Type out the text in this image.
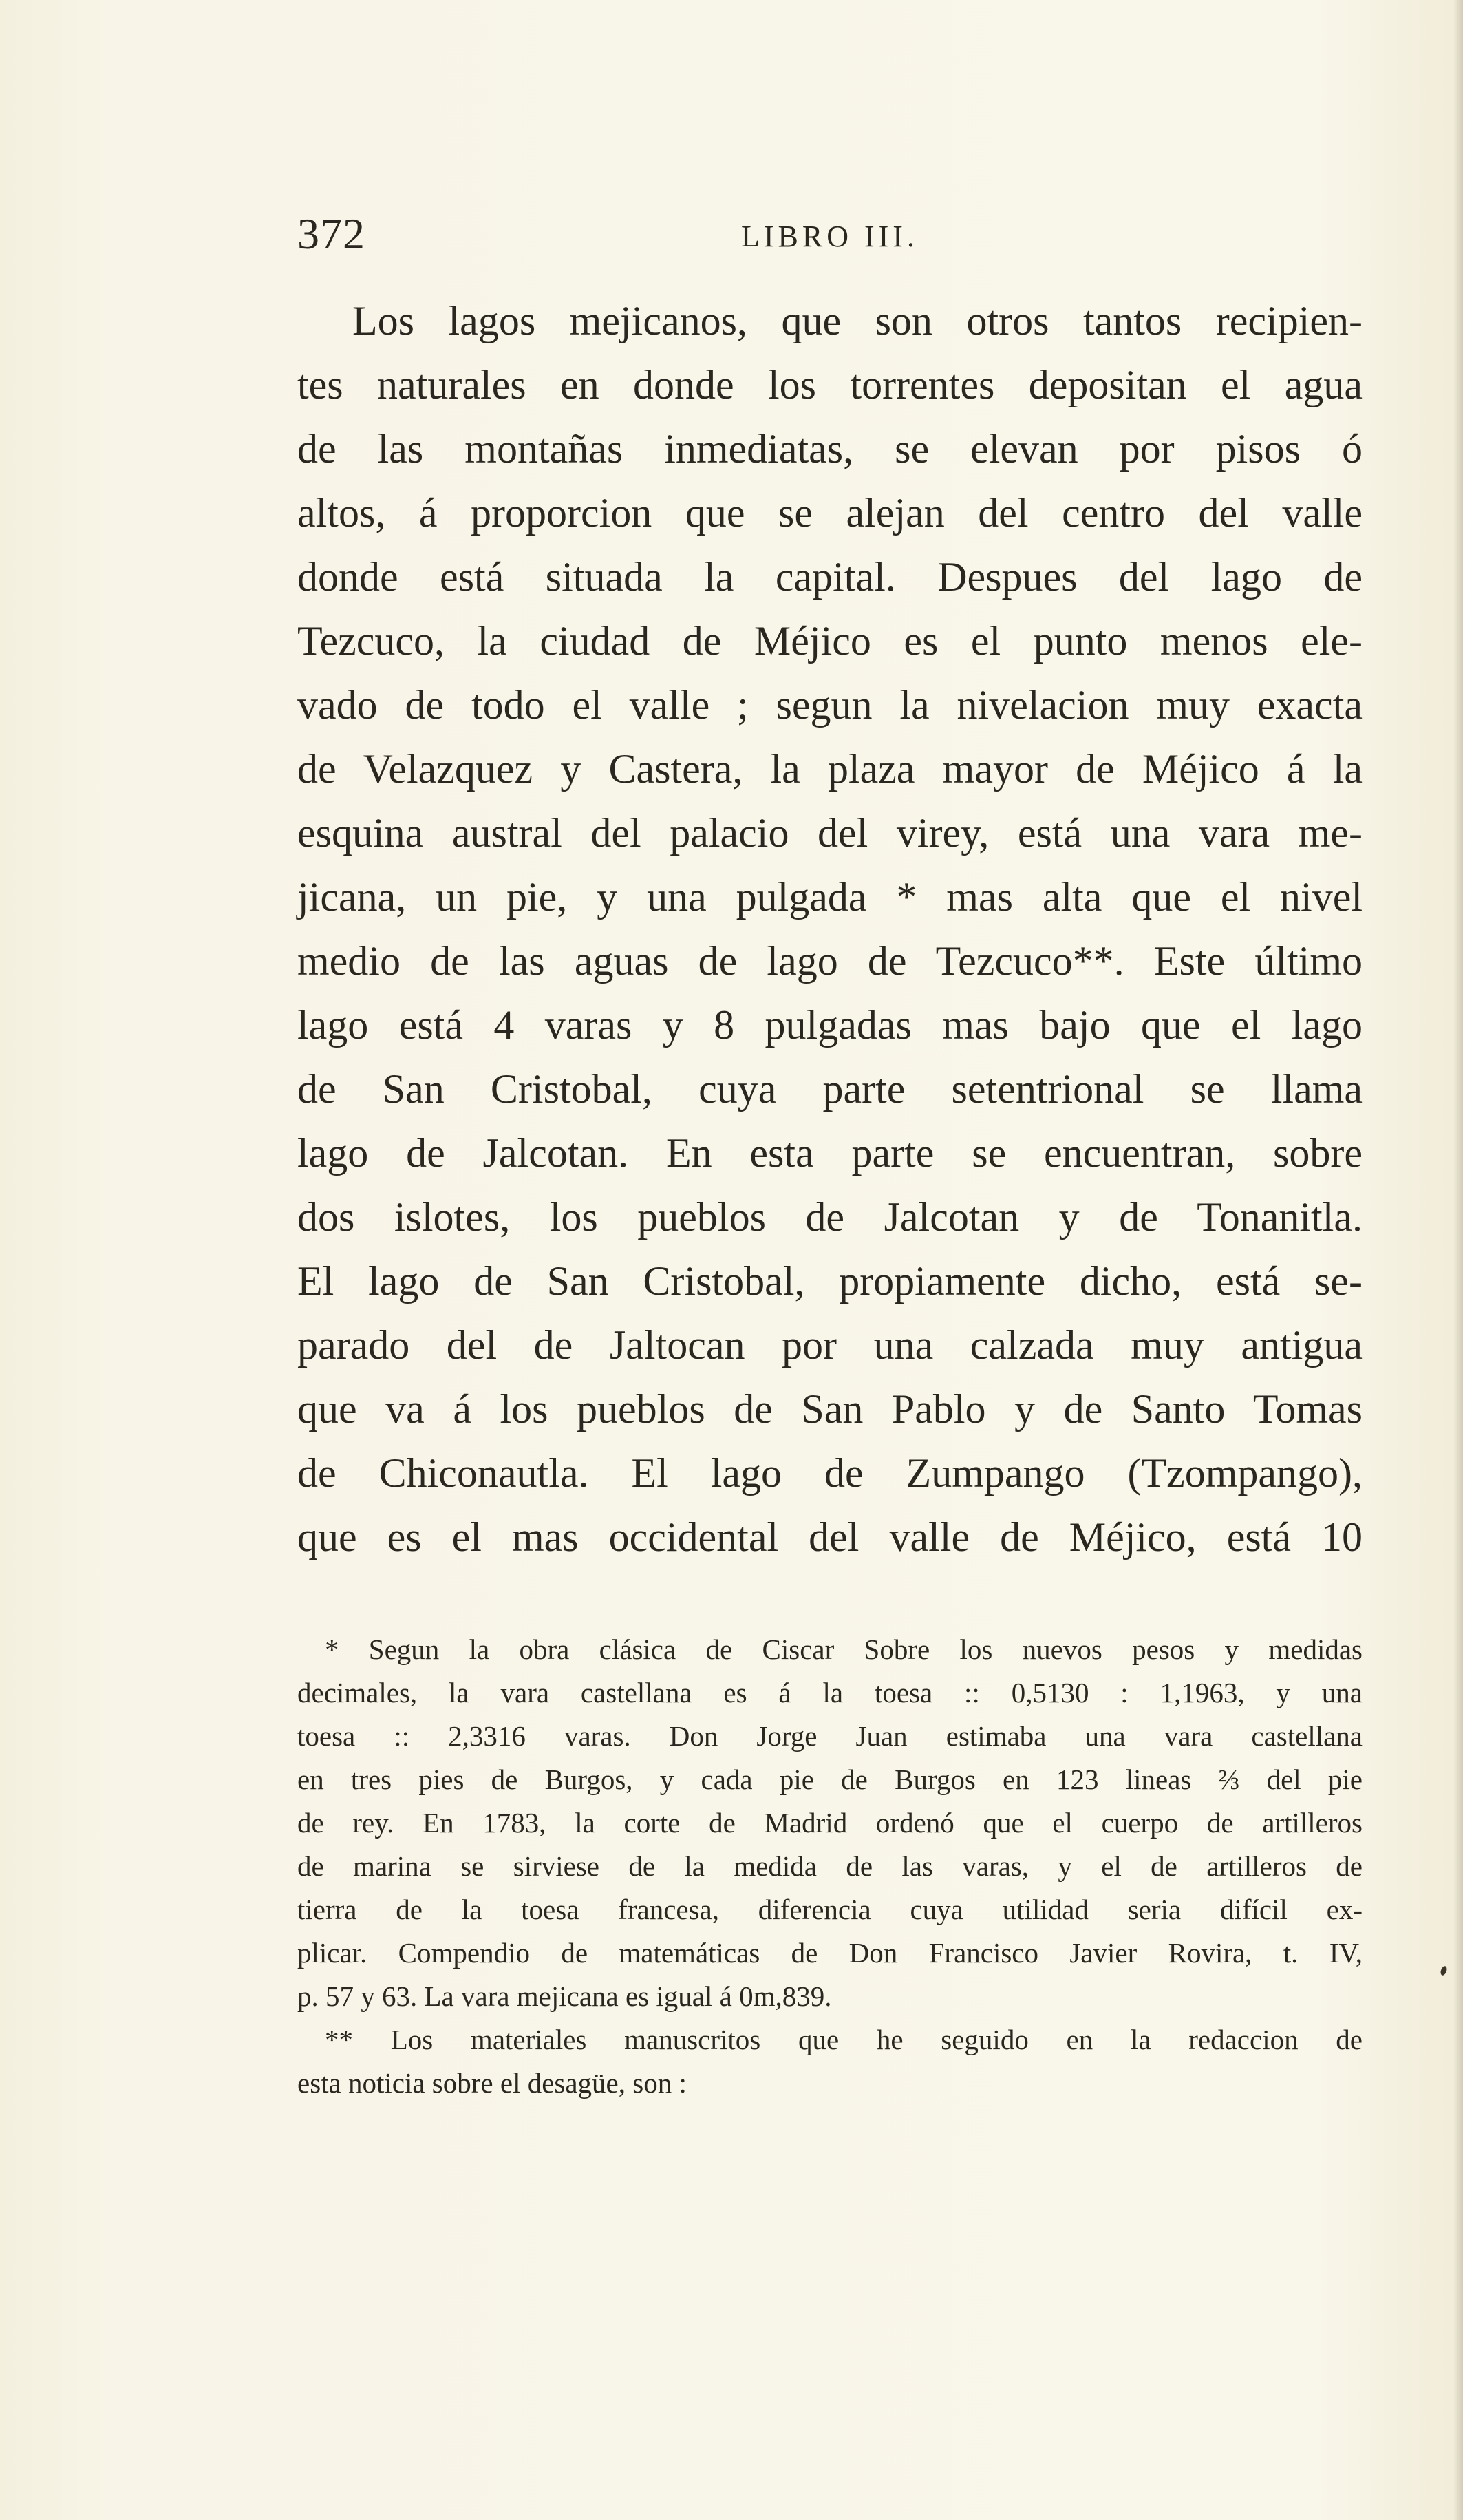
372	LIBRO III.
Los lagos mejicanos, que son otros tantos recipien-
tes naturales en donde los torrentes depositan el agua
de las montañas inmediatas, se elevan por pisos ó
altos, á proporcion que se alejan del centro del valle
donde está situada la capital. Despues del lago de
Tezcuco, la ciudad de Méjico es el punto menos ele-
vado de todo el valle ; segun la nivelacion muy exacta
de Velazquez y Castera, la plaza mayor de Méjico á la
esquina austral del palacio del virey, está una vara me-
jicana, un pie, y una pulgada * mas alta que el nivel
medio de las aguas de lago de Tezcuco**. Este último
lago está 4 varas y 8 pulgadas mas bajo que el lago
de San Cristobal, cuya parte setentrional se llama
lago de Jalcotan. En esta parte se encuentran, sobre
dos islotes, los pueblos de Jalcotan y de Tonanitla.
El lago de San Cristobal, propiamente dicho, está se-
parado del de Jaltocan por una calzada muy antigua
que va á los pueblos de San Pablo y de Santo Tomas
de Chiconautla. El lago de Zumpango (Tzompango),
que es el mas occidental del valle de Méjico, está 10
* Segun la obra clásica de Ciscar Sobre los nuevos pesos y medidas
decimales, la vara castellana es á la toesa :: 0,5130 : 1,1963, y una
toesa :: 2,3316 varas. Don Jorge Juan estimaba una vara castellana
en tres pies de Burgos, y cada pie de Burgos en 123 lineas ⅔ del pie
de rey. En 1783, la corte de Madrid ordenó que el cuerpo de artilleros
de marina se sirviese de la medida de las varas, y el de artilleros de
tierra de la toesa francesa, diferencia cuya utilidad seria difícil ex-
plicar. Compendio de matemáticas de Don Francisco Javier Rovira, t. IV,
p. 57 y 63. La vara mejicana es igual á 0m,839.
** Los materiales manuscritos que he seguido en la redaccion de
esta noticia sobre el desagüe, son :
